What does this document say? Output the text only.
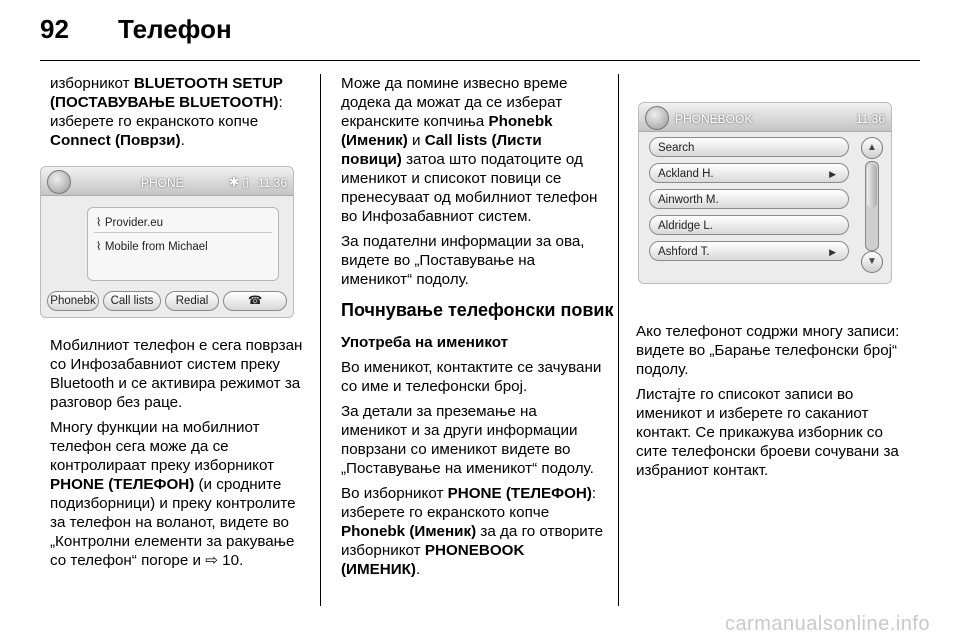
92 Телефон

изборникот BLUETOOTH SETUP (ПОСТАВУВАЊЕ BLUETOOTH): изберете го екранското копче Connect (Поврзи).

PHONE	✱ ▯ 11:36
⌇ Provider.eu
⌇ Mobile from Michael
Phonebk	Call lists	Redial	☎

Мобилниот телефон е сега поврзан со Инфозабавниот систем преку Bluetooth и се активира режимот за разговор без раце.

Многу функции на мобилниот телефон сега може да се контролираат преку изборникот PHONE (ТЕЛЕФОН) (и сродните подизборници) и преку контролите за телефон на воланот, видете во „Контролни елементи за ракување со телефон“ погоре и ⇨ 10.

Може да помине извесно време додека да можат да се изберат екранските копчиња Phonebk (Именик) и Call lists (Листи повици) затоа што податоците од имeникот и списокот повици се пренесуваат од мобилниот телефон во Инфозабавниот систем.

За подателни информации за ова, видете во „Поставување на именикот“ подолу.

Почнување телефонски повик

Употреба на имeникот

Во имeникот, контактите се зачувани со име и телефонски број.

За детали за преземање на имeникот и за други информации поврзани со имeникот видете во „Поставување на имeникот“ подолу.

Во изборникот PHONE (ТЕЛЕФОН): изберете го екранското копче Phonebk (Именик) за да го отворите изборникот PHONEBOOK (ИМЕНИК).

PHONEBOOK	11:36
Search
Ackland H.	▶
Ainworth M.
Aldridge L.
Ashford T.	▶
▲
▼

Ако телефонот содржи многу записи: видете во „Барање телефонски број“ подолу.

Листајте го списокот записи во имeникот и изберете го саканиот контакт. Се прикажува изборник со сите телефонски броеви сочувани за избраниот контакт.

carmanualsonline.info
